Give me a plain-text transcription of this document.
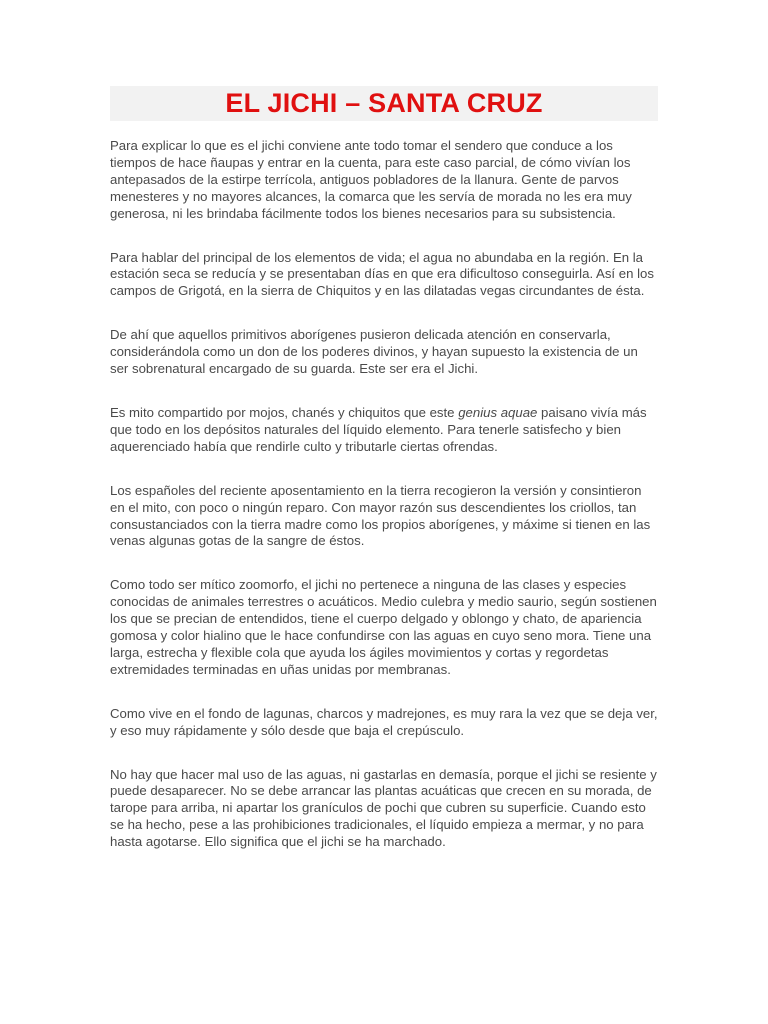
EL JICHI – SANTA CRUZ

Para explicar lo que es el jichi conviene ante todo tomar el sendero que conduce a los tiempos de hace ñaupas y entrar en la cuenta, para este caso parcial, de cómo vivían los antepasados de la estirpe terrícola, antiguos pobladores de la llanura. Gente de parvos menesteres y no mayores alcances, la comarca que les servía de morada no les era muy generosa, ni les brindaba fácilmente todos los bienes necesarios para su subsistencia.

Para hablar del principal de los elementos de vida; el agua no abundaba en la región. En la estación seca se reducía y se presentaban días en que era dificultoso conseguirla. Así en los campos de Grigotá, en la sierra de Chiquitos y en las dilatadas vegas circundantes de ésta.

De ahí que aquellos primitivos aborígenes pusieron delicada atención en conservarla, considerándola como un don de los poderes divinos, y hayan supuesto la existencia de un ser sobrenatural encargado de su guarda. Este ser era el Jichi.

Es mito compartido por mojos, chanés y chiquitos que este genius aquae paisano vivía más que todo en los depósitos naturales del líquido elemento. Para tenerle satisfecho y bien aquerenciado había que rendirle culto y tributarle ciertas ofrendas.

Los españoles del reciente aposentamiento en la tierra recogieron la versión y consintieron en el mito, con poco o ningún reparo. Con mayor razón sus descendientes los criollos, tan consustanciados con la tierra madre como los propios aborígenes, y máxime si tienen en las venas algunas gotas de la sangre de éstos.

Como todo ser mítico zoomorfo, el jichi no pertenece a ninguna de las clases y especies conocidas de animales terrestres o acuáticos. Medio culebra y medio saurio, según sostienen los que se precian de entendidos, tiene el cuerpo delgado y oblongo y chato, de apariencia gomosa y color hialino que le hace confundirse con las aguas en cuyo seno mora. Tiene una larga, estrecha y flexible cola que ayuda los ágiles movimientos y cortas y regordetas extremidades terminadas en uñas unidas por membranas.

Como vive en el fondo de lagunas, charcos y madrejones, es muy rara la vez que se deja ver, y eso muy rápidamente y sólo desde que baja el crepúsculo.

No hay que hacer mal uso de las aguas, ni gastarlas en demasía, porque el jichi se resiente y puede desaparecer. No se debe arrancar las plantas acuáticas que crecen en su morada, de tarope para arriba, ni apartar los granículos de pochi que cubren su superficie. Cuando esto se ha hecho, pese a las prohibiciones tradicionales, el líquido empieza a mermar, y no para hasta agotarse. Ello significa que el jichi se ha marchado.
